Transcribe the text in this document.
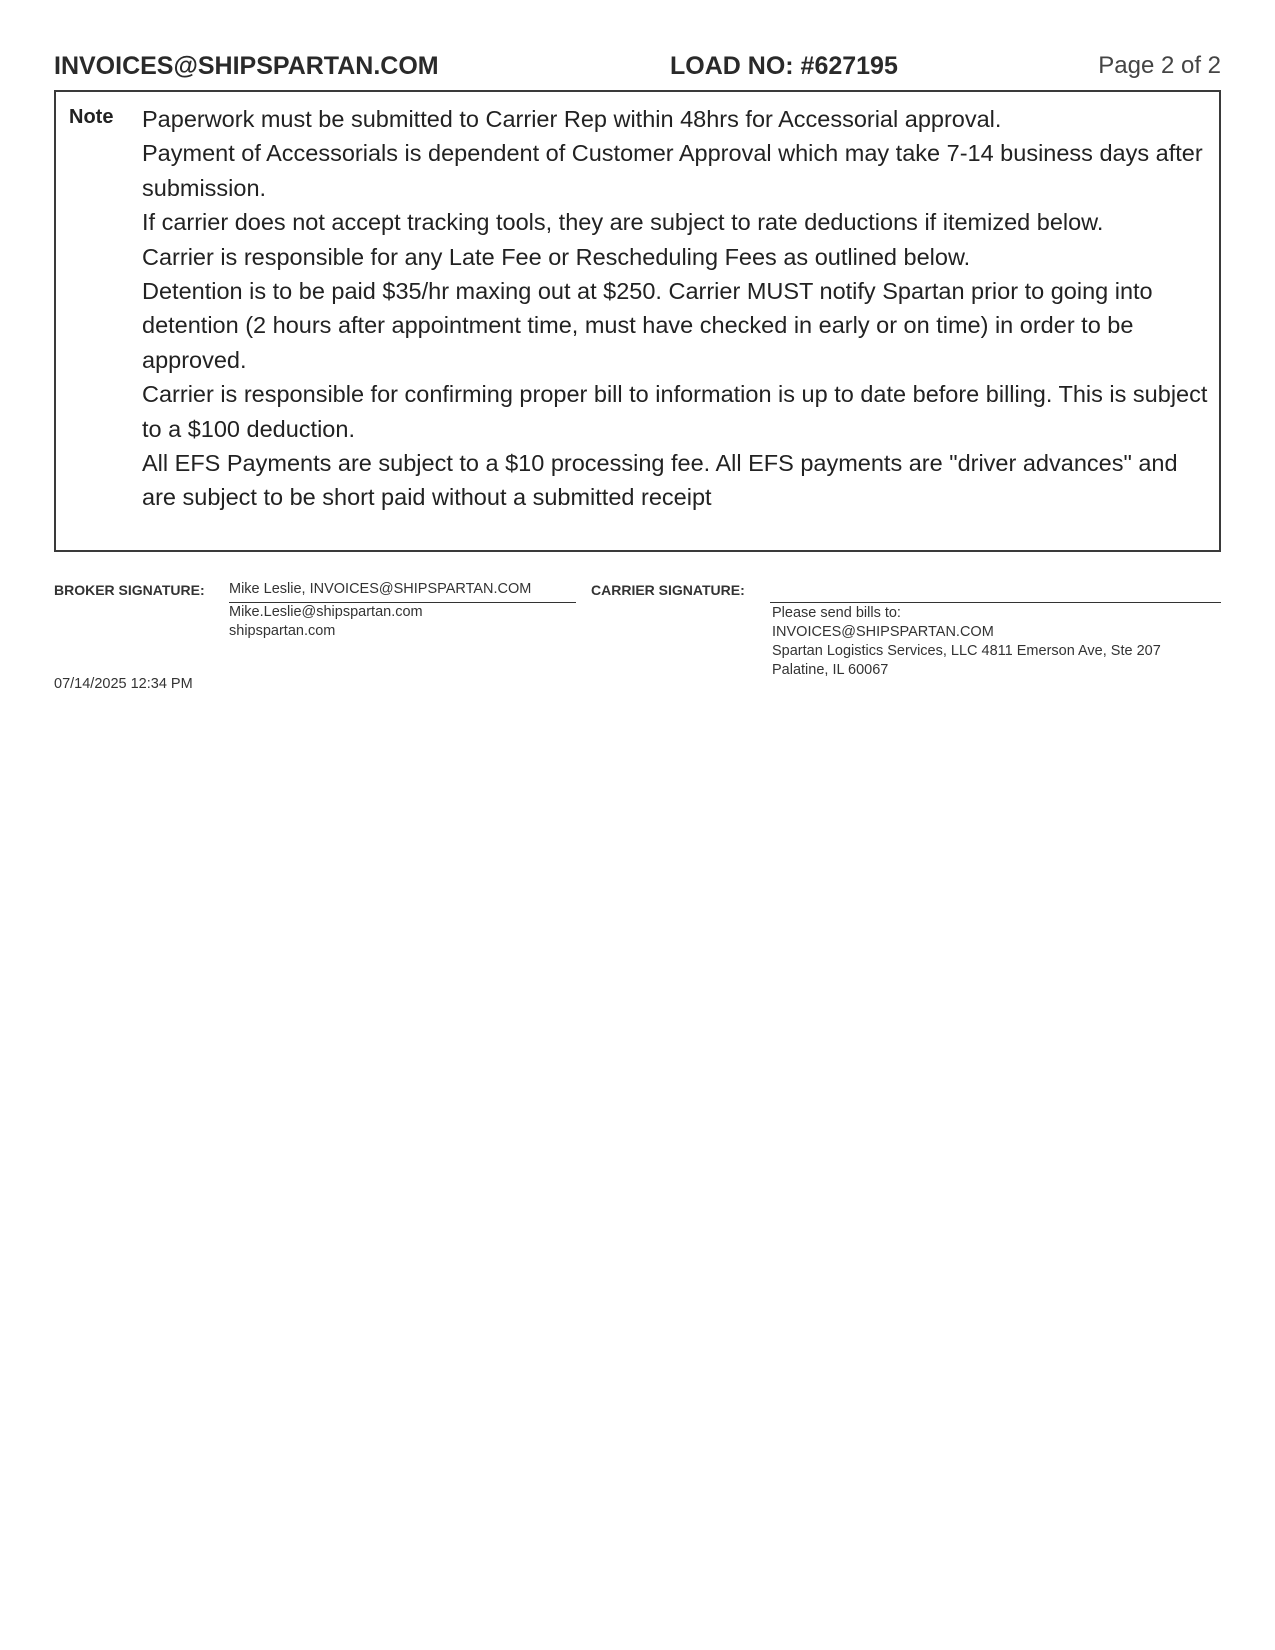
INVOICES@SHIPSPARTAN.COM	LOAD NO: #627195	Page 2 of 2
Note Paperwork must be submitted to Carrier Rep within 48hrs for Accessorial approval.

Payment of Accessorials is dependent of Customer Approval which may take 7-14 business days after submission.

If carrier does not accept tracking tools, they are subject to rate deductions if itemized below.

Carrier is responsible for any Late Fee or Rescheduling Fees as outlined below.

Detention is to be paid $35/hr maxing out at $250. Carrier MUST notify Spartan prior to going into detention (2 hours after appointment time, must have checked in early or on time) in order to be approved.

Carrier is responsible for confirming proper bill to information is up to date before billing. This is subject to a $100 deduction.

All EFS Payments are subject to a $10 processing fee. All EFS payments are "driver advances" and are subject to be short paid without a submitted receipt

BROKER SIGNATURE: Mike Leslie, INVOICES@SHIPSPARTAN.COM
Mike.Leslie@shipspartan.com
shipspartan.com
CARRIER SIGNATURE:
Please send bills to:
INVOICES@SHIPSPARTAN.COM
Spartan Logistics Services, LLC 4811 Emerson Ave, Ste 207
Palatine, IL 60067
07/14/2025 12:34 PM
